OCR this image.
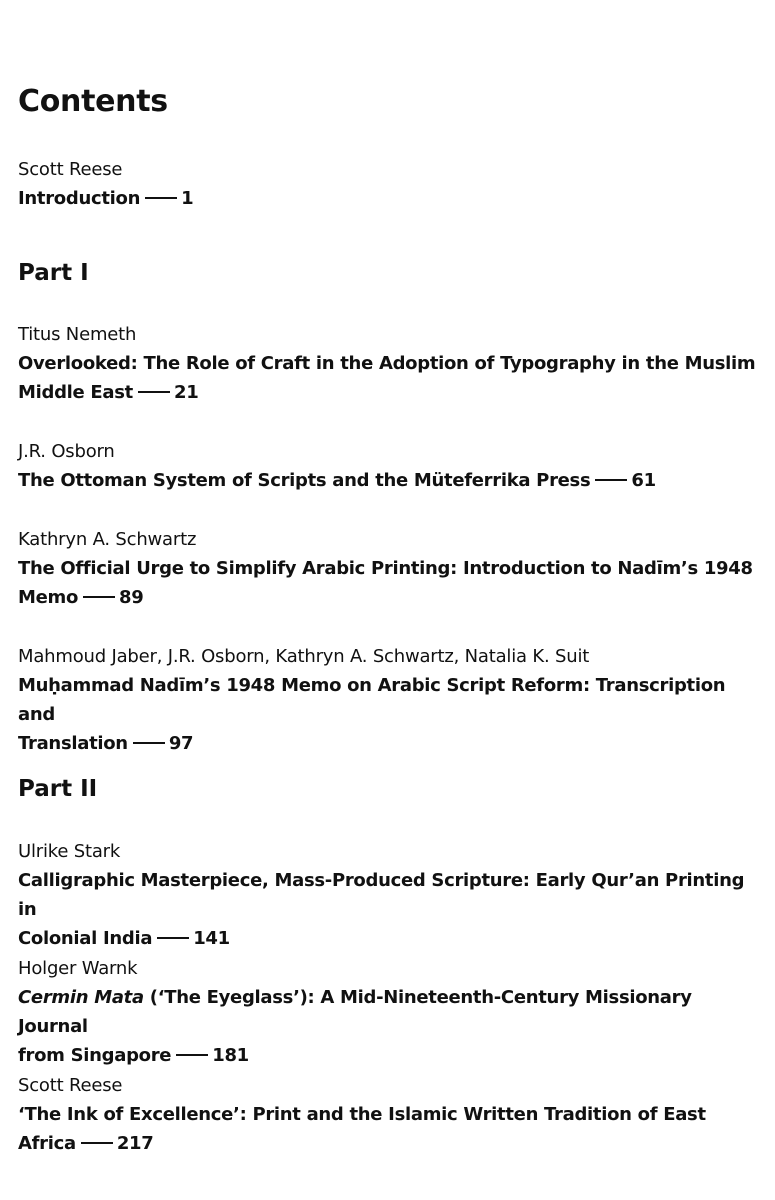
Contents
Scott Reese
Introduction 1
Part I
Titus Nemeth
Overlooked: The Role of Craft in the Adoption of Typography in the Muslim
Middle East 21
J.R. Osborn
The Ottoman System of Scripts and the Müteferrika Press 61
Kathryn A. Schwartz
The Official Urge to Simplify Arabic Printing: Introduction to Nadīm’s 1948
Memo 89
Mahmoud Jaber, J.R. Osborn, Kathryn A. Schwartz, Natalia K. Suit
Muḥammad Nadīm’s 1948 Memo on Arabic Script Reform: Transcription and
Translation 97
Part II
Ulrike Stark
Calligraphic Masterpiece, Mass-Produced Scripture: Early Qur’an Printing in
Colonial India 141
Holger Warnk
Cermin Mata (‘The Eyeglass’): A Mid-Nineteenth-Century Missionary Journal
from Singapore 181
Scott Reese
‘The Ink of Excellence’: Print and the Islamic Written Tradition of East
Africa 217
